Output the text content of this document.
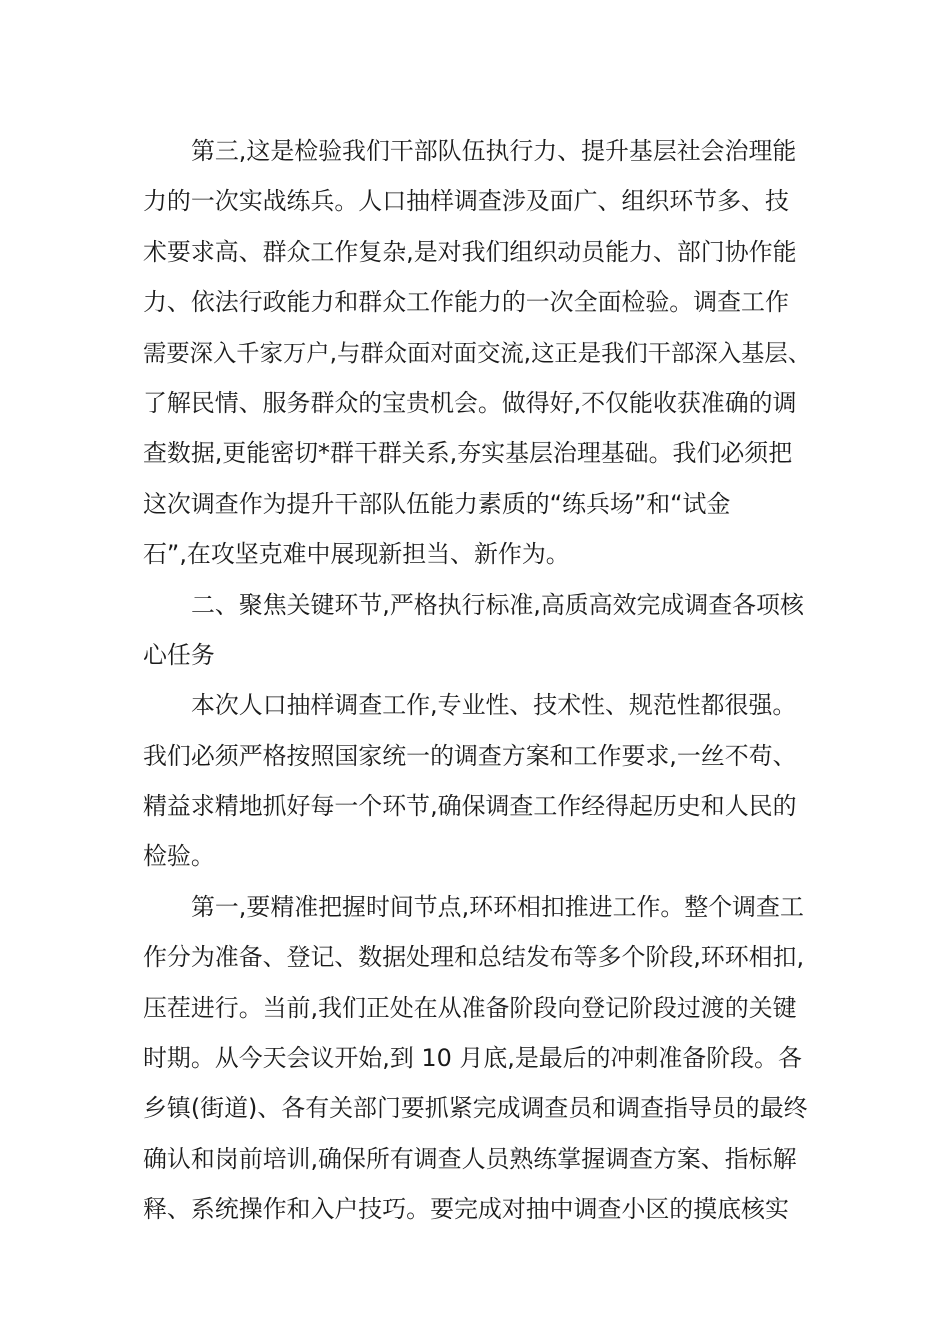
第三,这是检验我们干部队伍执行力、提升基层社会治理能
力的一次实战练兵。人口抽样调查涉及面广、组织环节多、技
术要求高、群众工作复杂,是对我们组织动员能力、部门协作能
力、依法行政能力和群众工作能力的一次全面检验。调查工作
需要深入千家万户,与群众面对面交流,这正是我们干部深入基层、
了解民情、服务群众的宝贵机会。做得好,不仅能收获准确的调
查数据,更能密切*群干群关系,夯实基层治理基础。我们必须把
这次调查作为提升干部队伍能力素质的“练兵场”和“试金
石”,在攻坚克难中展现新担当、新作为。
二、聚焦关键环节,严格执行标准,高质高效完成调查各项核
心任务
本次人口抽样调查工作,专业性、技术性、规范性都很强。
我们必须严格按照国家统一的调查方案和工作要求,一丝不苟、
精益求精地抓好每一个环节,确保调查工作经得起历史和人民的
检验。
第一,要精准把握时间节点,环环相扣推进工作。整个调查工
作分为准备、登记、数据处理和总结发布等多个阶段,环环相扣,
压茬进行。当前,我们正处在从准备阶段向登记阶段过渡的关键
时期。从今天会议开始,到 10 月底,是最后的冲刺准备阶段。各
乡镇(街道)、各有关部门要抓紧完成调查员和调查指导员的最终
确认和岗前培训,确保所有调查人员熟练掌握调查方案、指标解
释、系统操作和入户技巧。要完成对抽中调查小区的摸底核实
